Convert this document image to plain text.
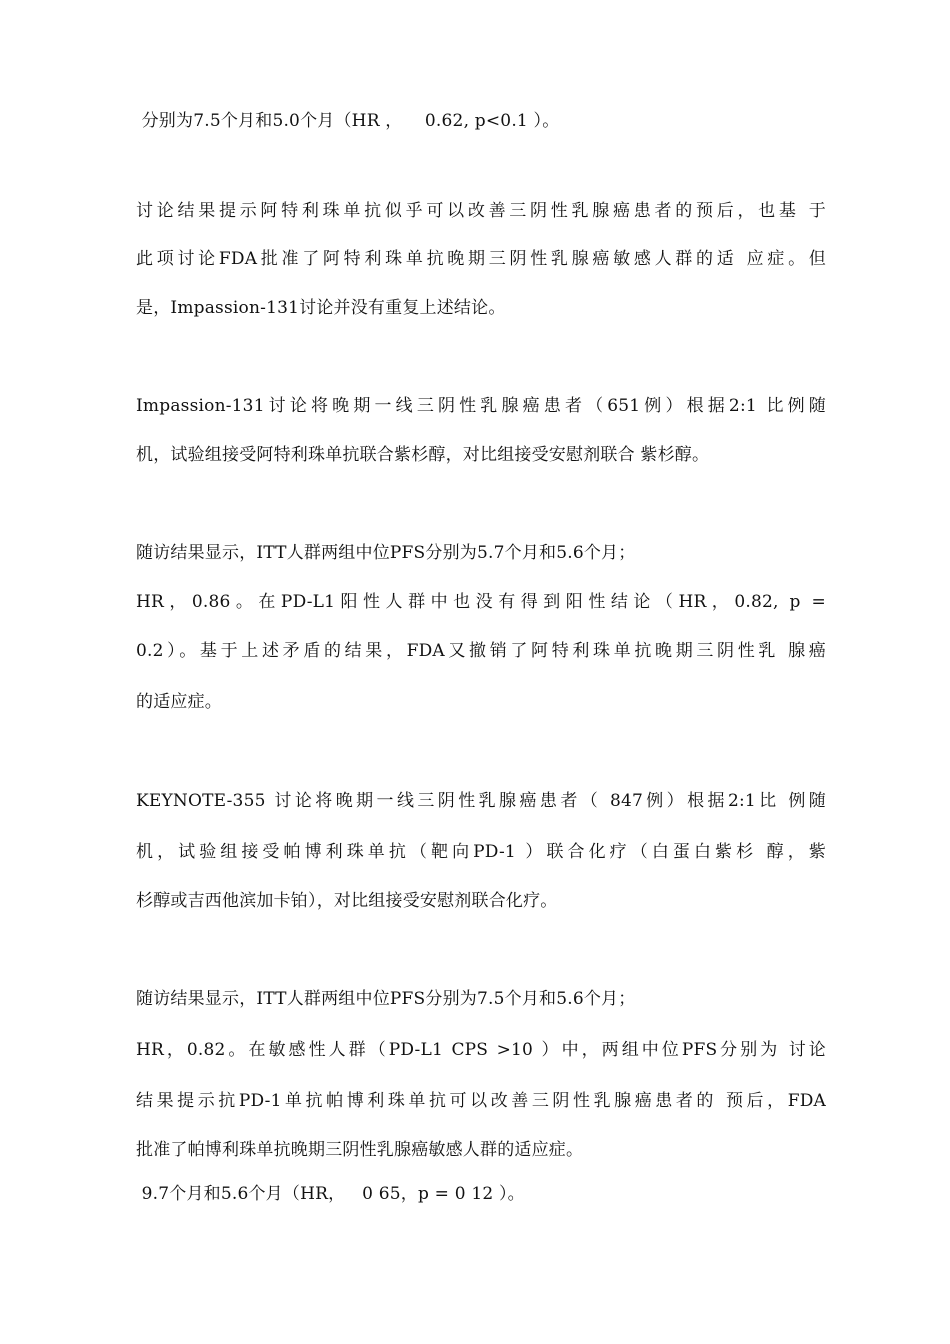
分别为7.5个月和5.0个月（HR ，    0.62, p<0.1 ）。
讨论结果提示阿特利珠单抗似乎可以改善三阴性乳腺癌患者的预后，也基 于
此项讨论FDA批准了阿特利珠单抗晚期三阴性乳腺癌敏感人群的适 应症。但
是，Impassion-131讨论并没有重复上述结论。
Impassion-131讨论将晚期一线三阴性乳腺癌患者（651例）根据2:1 比例随
机，试验组接受阿特利珠单抗联合紫杉醇，对比组接受安慰剂联合 紫杉醇。
随访结果显示，ITT人群两组中位PFS分别为5.7个月和5.6个月；
HR，0.86。在PD-L1阳性人群中也没有得到阳性结论（HR，0.82, p =
0.2）。基于上述矛盾的结果，FDA又撤销了阿特利珠单抗晚期三阴性乳 腺癌
的适应症。
KEYNOTE-355 讨论将晚期一线三阴性乳腺癌患者（ 847例）根据2:1比 例随
机，试验组接受帕博利珠单抗（靶向PD-1 ）联合化疗（白蛋白紫杉 醇，紫
杉醇或吉西他滨加卡铂），对比组接受安慰剂联合化疗。
随访结果显示，ITT人群两组中位PFS分别为7.5个月和5.6个月；
HR，0.82。在敏感性人群（PD-L1 CPS >10 ）中，两组中位PFS分别为 讨论
结果提示抗PD-1单抗帕博利珠单抗可以改善三阴性乳腺癌患者的 预后，FDA
批准了帕博利珠单抗晚期三阴性乳腺癌敏感人群的适应症。
9.7个月和5.6个月（HR，   0 65，p = 0 12 ）。
